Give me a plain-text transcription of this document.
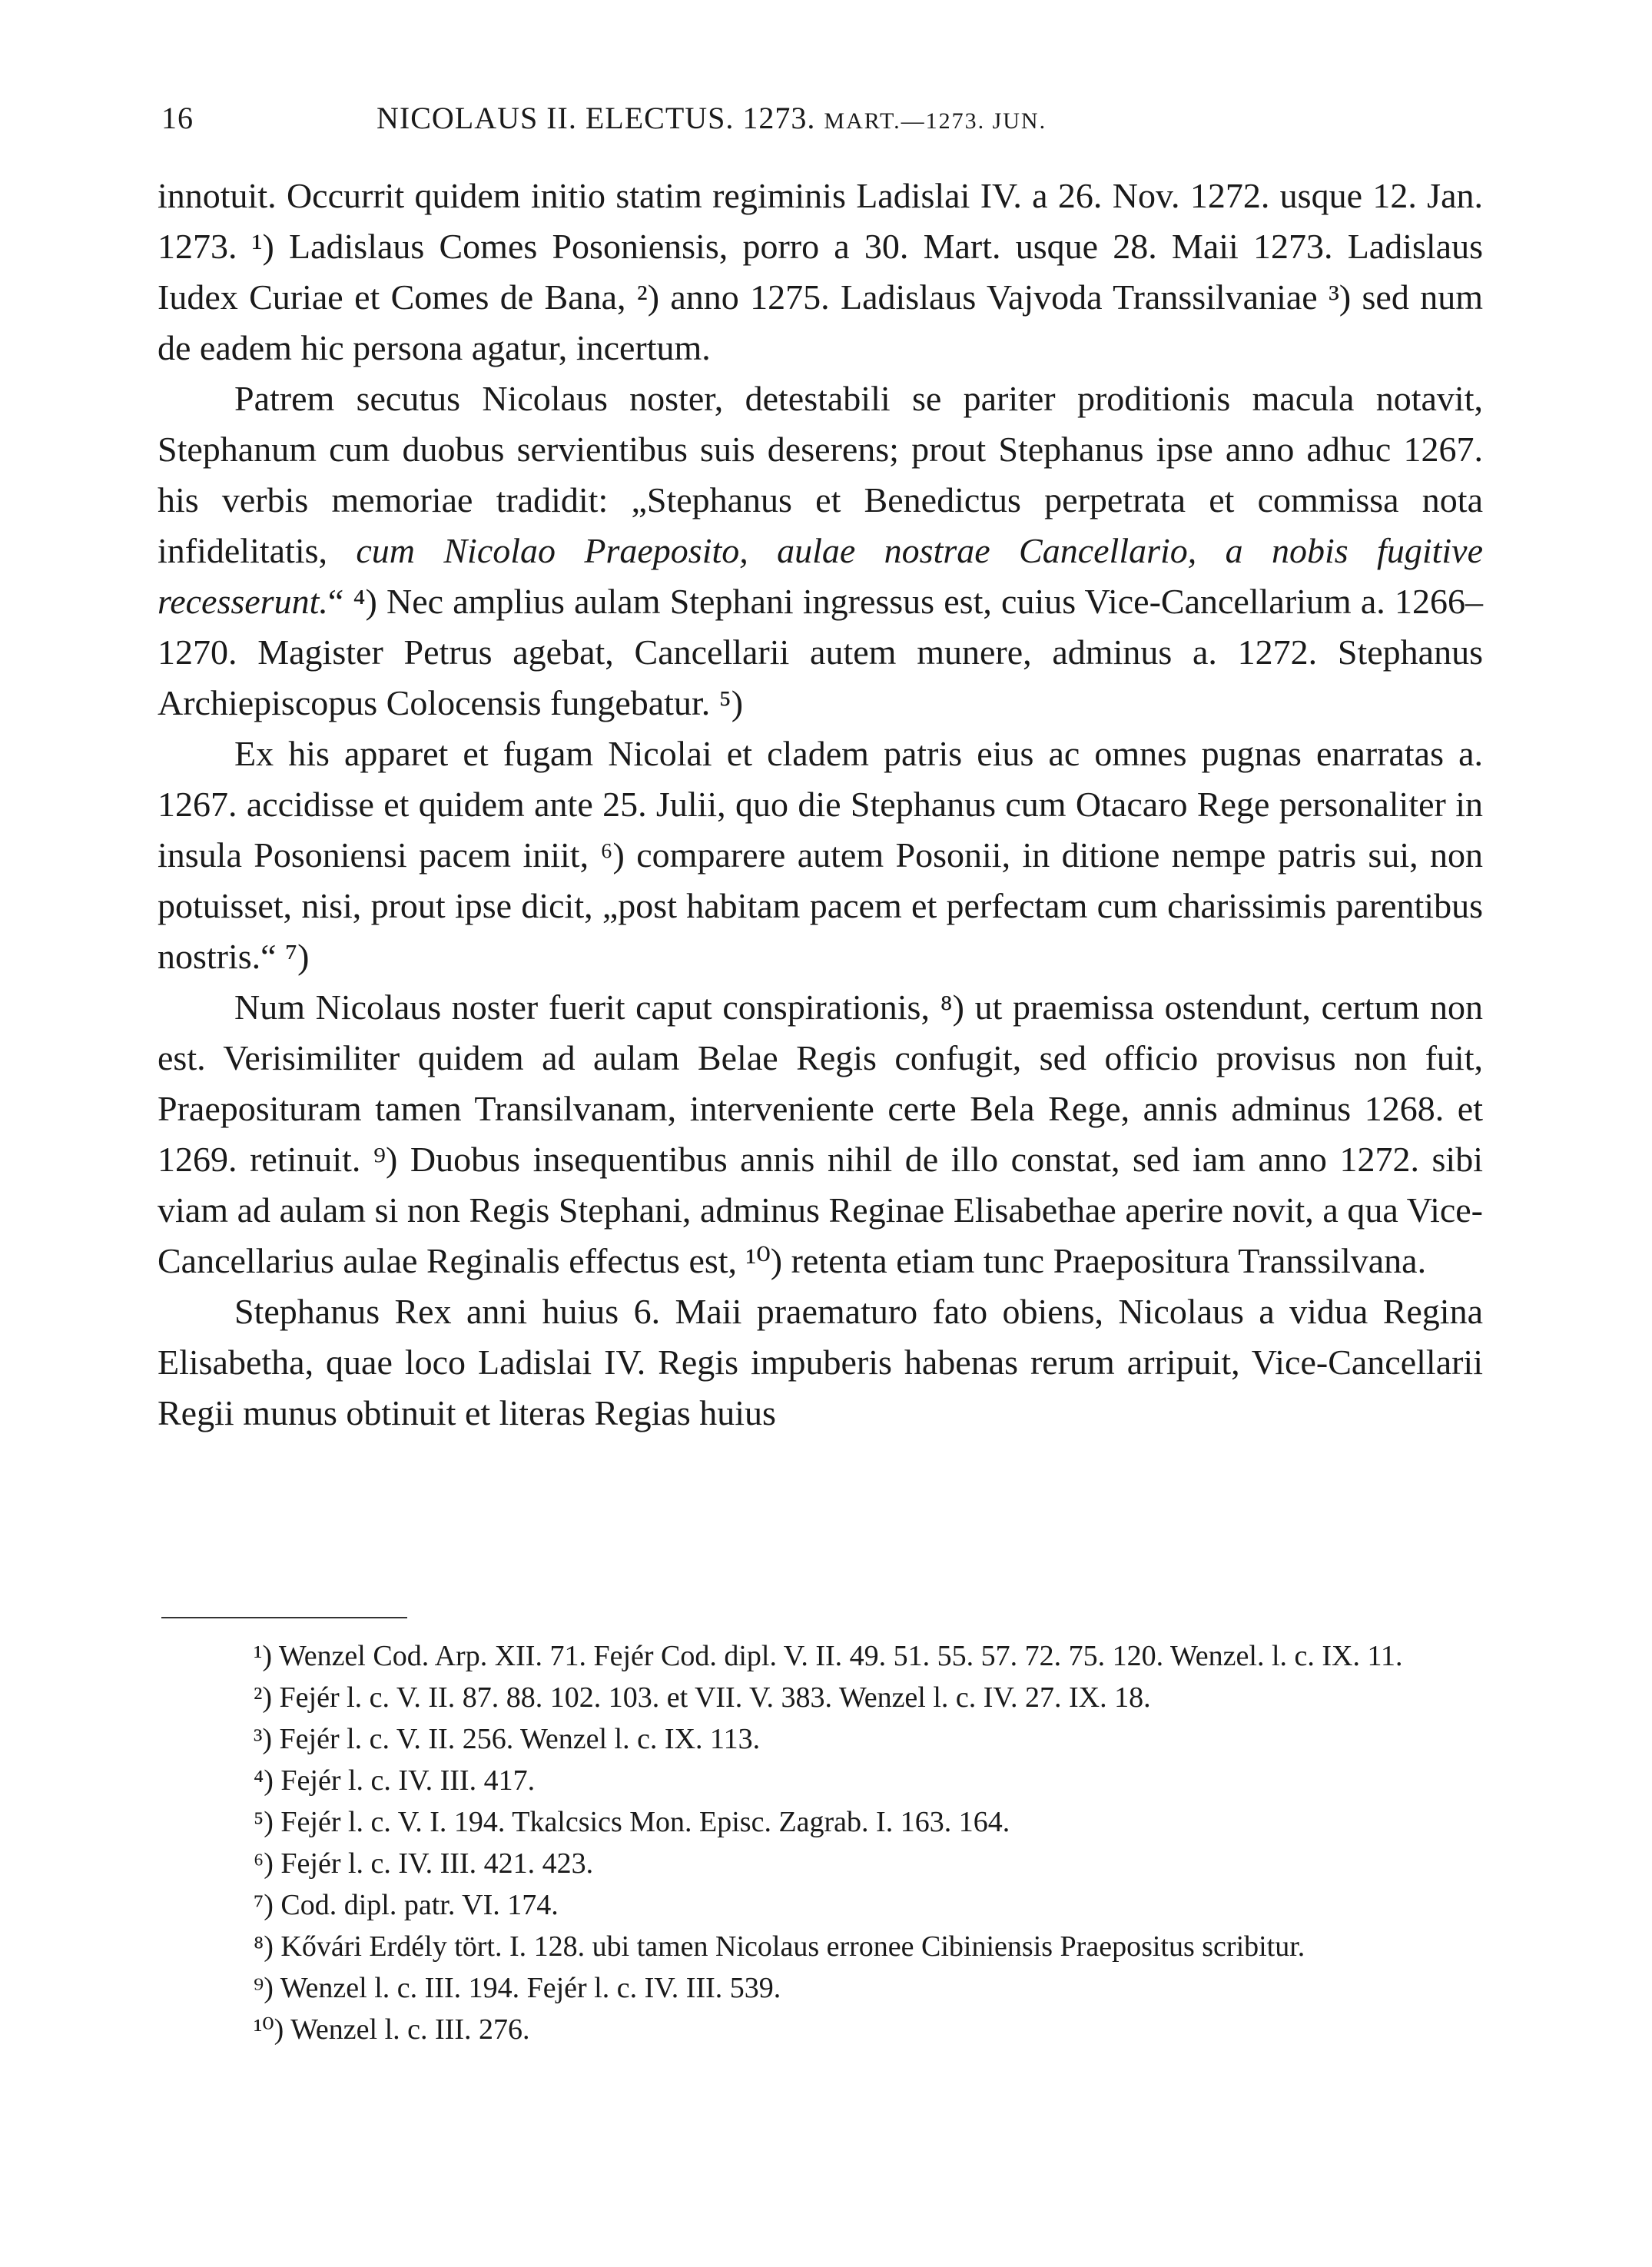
16	NICOLAUS II. ELECTUS. 1273. MART.—1273. JUN.

innotuit. Occurrit quidem initio statim regiminis Ladislai IV. a 26. Nov. 1272. usque 12. Jan. 1273. ¹) Ladislaus Comes Posoniensis, porro a 30. Mart. usque 28. Maii 1273. Ladislaus Iudex Curiae et Comes de Bana, ²) anno 1275. Ladislaus Vajvoda Transsilvaniae ³) sed num de eadem hic persona agatur, incertum.

Patrem secutus Nicolaus noster, detestabili se pariter proditionis macula notavit, Stephanum cum duobus servientibus suis deserens; prout Stephanus ipse anno adhuc 1267. his verbis memoriae tradidit: „Stephanus et Benedictus perpetrata et commissa nota infidelitatis, cum Nicolao Praeposito, aulae nostrae Cancellario, a nobis fugitive recesserunt.“ ⁴) Nec amplius aulam Stephani ingressus est, cuius Vice-Cancellarium a. 1266–1270. Magister Petrus agebat, Cancellarii autem munere, adminus a. 1272. Stephanus Archiepiscopus Colocensis fungebatur. ⁵)

Ex his apparet et fugam Nicolai et cladem patris eius ac omnes pugnas enarratas a. 1267. accidisse et quidem ante 25. Julii, quo die Stephanus cum Otacaro Rege personaliter in insula Posoniensi pacem iniit, ⁶) comparere autem Posonii, in ditione nempe patris sui, non potuisset, nisi, prout ipse dicit, „post habitam pacem et perfectam cum charissimis parentibus nostris.“ ⁷)

Num Nicolaus noster fuerit caput conspirationis, ⁸) ut praemissa ostendunt, certum non est. Verisimiliter quidem ad aulam Belae Regis confugit, sed officio provisus non fuit, Praeposituram tamen Transilvanam, interveniente certe Bela Rege, annis adminus 1268. et 1269. retinuit. ⁹) Duobus insequentibus annis nihil de illo constat, sed iam anno 1272. sibi viam ad aulam si non Regis Stephani, adminus Reginae Elisabethae aperire novit, a qua Vice-Cancellarius aulae Reginalis effectus est, ¹⁰) retenta etiam tunc Praepositura Transsilvana.

Stephanus Rex anni huius 6. Maii praematuro fato obiens, Nicolaus a vidua Regina Elisabetha, quae loco Ladislai IV. Regis impuberis habenas rerum arripuit, Vice-Cancellarii Regii munus obtinuit et literas Regias huius

¹) Wenzel Cod. Arp. XII. 71. Fejér Cod. dipl. V. II. 49. 51. 55. 57. 72. 75. 120. Wenzel. l. c. IX. 11.

²) Fejér l. c. V. II. 87. 88. 102. 103. et VII. V. 383. Wenzel l. c. IV. 27. IX. 18.

³) Fejér l. c. V. II. 256. Wenzel l. c. IX. 113.

⁴) Fejér l. c. IV. III. 417.

⁵) Fejér l. c. V. I. 194. Tkalcsics Mon. Episc. Zagrab. I. 163. 164.

⁶) Fejér l. c. IV. III. 421. 423.

⁷) Cod. dipl. patr. VI. 174.

⁸) Kővári Erdély tört. I. 128. ubi tamen Nicolaus erronee Cibiniensis Praepositus scribitur.

⁹) Wenzel l. c. III. 194. Fejér l. c. IV. III. 539.

¹⁰) Wenzel l. c. III. 276.
